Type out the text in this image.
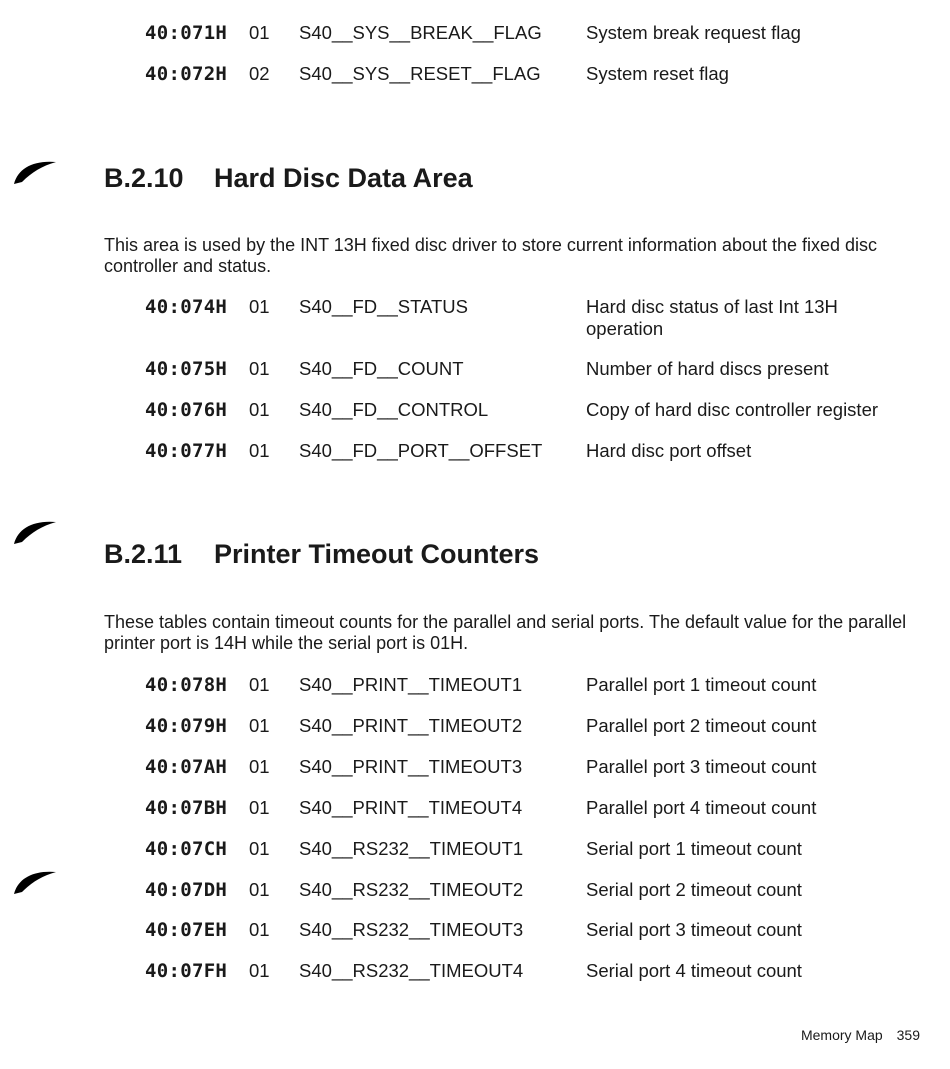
40:071H 01 S40__SYS__BREAK__FLAG System break request flag
40:072H 02 S40__SYS__RESET__FLAG System reset flag
B.2.10 Hard Disc Data Area
This area is used by the INT 13H fixed disc driver to store current information about the fixed disc controller and status.
40:074H 01 S40__FD__STATUS	Hard disc status of last Int 13H operation
40:075H 01 S40__FD__COUNT	Number of hard discs present
40:076H 01 S40__FD__CONTROL	Copy of hard disc controller register
40:077H 01 S40__FD__PORT__OFFSET Hard disc port offset
B.2.11 Printer Timeout Counters
These tables contain timeout counts for the parallel and serial ports. The default value for the parallel printer port is 14H while the serial port is 01H.
40:078H 01 S40__PRINT__TIMEOUT1	Parallel port 1 timeout count
40:079H 01 S40__PRINT__TIMEOUT2	Parallel port 2 timeout count
40:07AH 01 S40__PRINT__TIMEOUT3	Parallel port 3 timeout count
40:07BH 01 S40__PRINT__TIMEOUT4	Parallel port 4 timeout count
40:07CH 01 S40__RS232__TIMEOUT1	Serial port 1 timeout count
40:07DH 01 S40__RS232__TIMEOUT2	Serial port 2 timeout count
40:07EH 01 S40__RS232__TIMEOUT3	Serial port 3 timeout count
40:07FH 01 S40__RS232__TIMEOUT4	Serial port 4 timeout count
Memory Map 359
